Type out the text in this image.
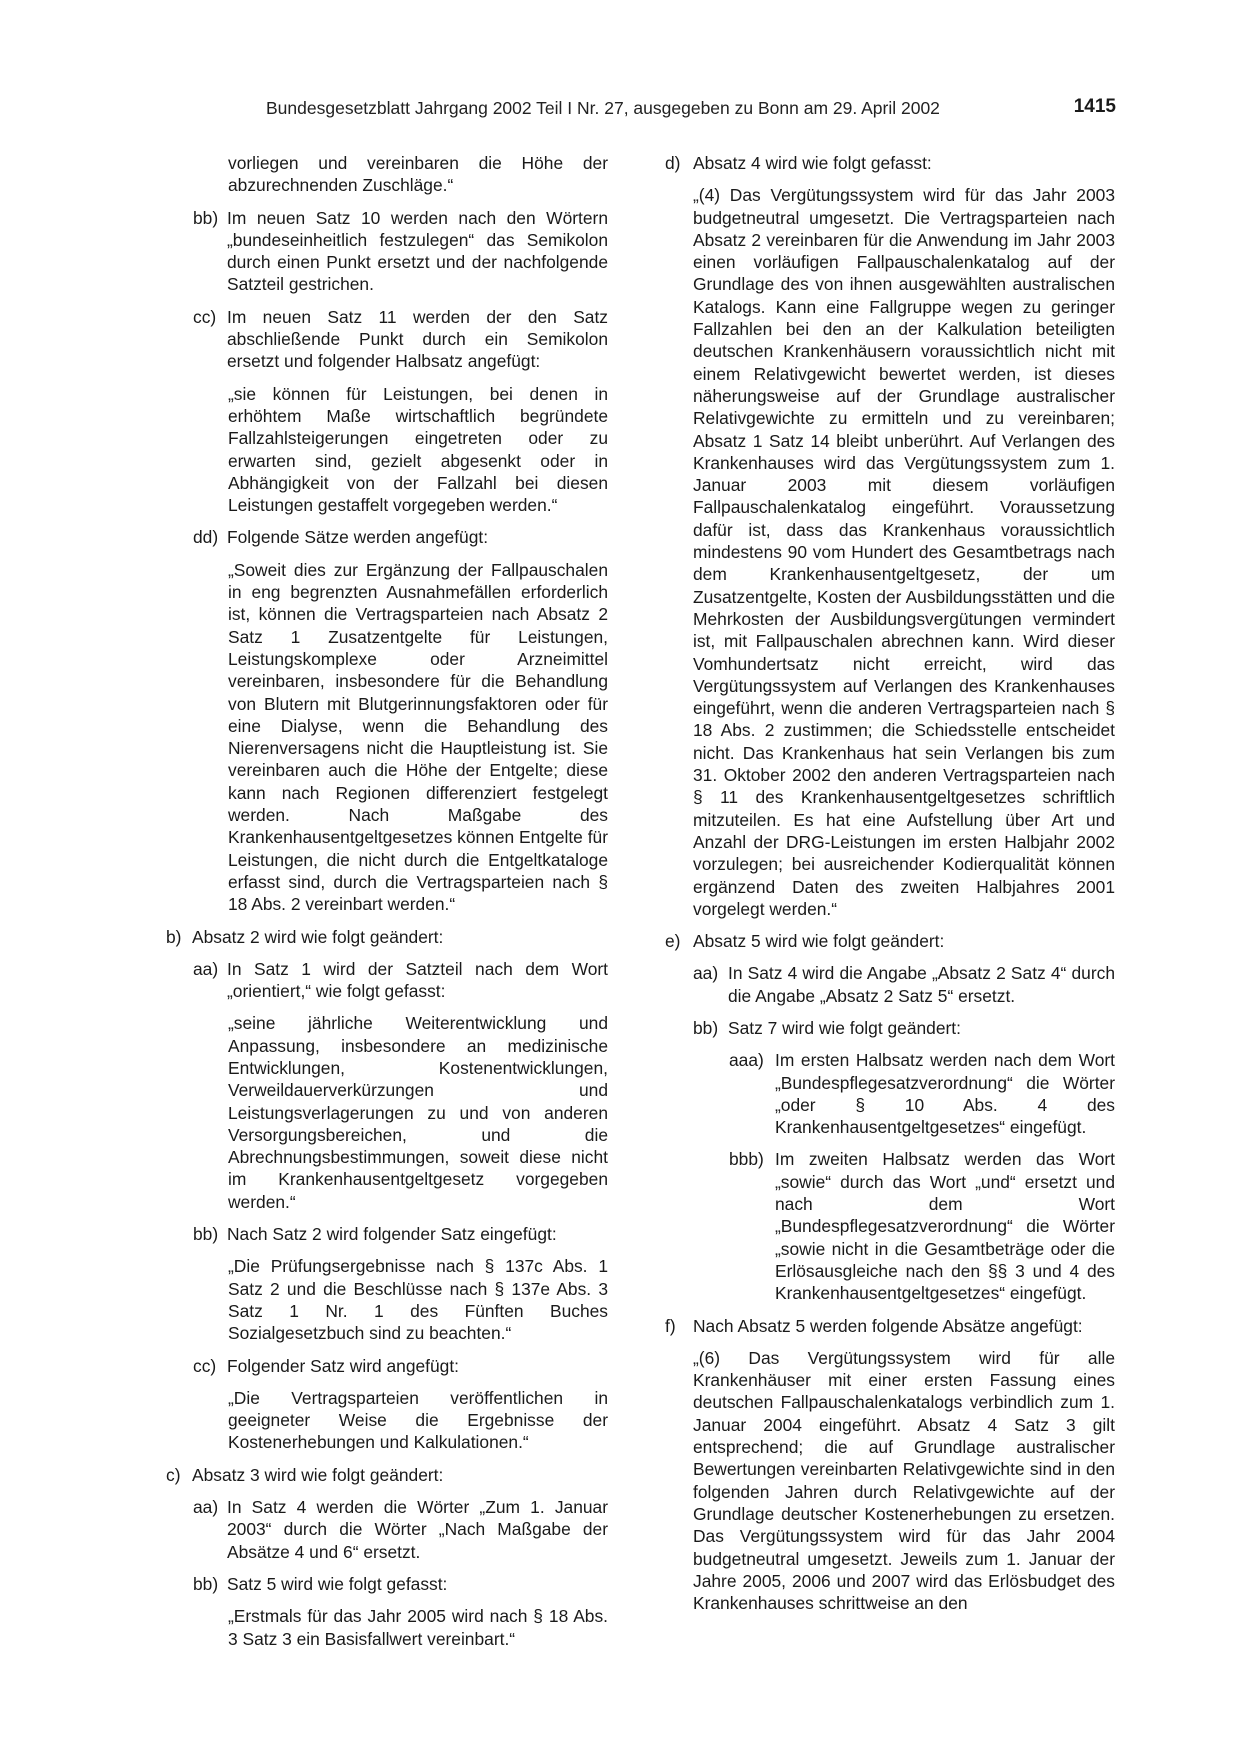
Bundesgesetzblatt Jahrgang 2002 Teil I Nr. 27, ausgegeben zu Bonn am 29. April 2002	1415
vorliegen und vereinbaren die Höhe der abzurechnenden Zuschläge.“
bb) Im neuen Satz 10 werden nach den Wörtern „bundeseinheitlich festzulegen“ das Semikolon durch einen Punkt ersetzt und der nachfolgende Satzteil gestrichen.
cc) Im neuen Satz 11 werden der den Satz abschließende Punkt durch ein Semikolon ersetzt und folgender Halbsatz angefügt:
„sie können für Leistungen, bei denen in erhöhtem Maße wirtschaftlich begründete Fallzahlsteigerungen eingetreten oder zu erwarten sind, gezielt abgesenkt oder in Abhängigkeit von der Fallzahl bei diesen Leistungen gestaffelt vorgegeben werden.“
dd) Folgende Sätze werden angefügt:
„Soweit dies zur Ergänzung der Fallpauschalen in eng begrenzten Ausnahmefällen erforderlich ist, können die Vertragsparteien nach Absatz 2 Satz 1 Zusatzentgelte für Leistungen, Leistungskomplexe oder Arzneimittel vereinbaren, insbesondere für die Behandlung von Blutern mit Blutgerinnungsfaktoren oder für eine Dialyse, wenn die Behandlung des Nierenversagens nicht die Hauptleistung ist. Sie vereinbaren auch die Höhe der Entgelte; diese kann nach Regionen differenziert festgelegt werden. Nach Maßgabe des Krankenhausentgeltgesetzes können Entgelte für Leistungen, die nicht durch die Entgeltkataloge erfasst sind, durch die Vertragsparteien nach § 18 Abs. 2 vereinbart werden.“
b) Absatz 2 wird wie folgt geändert:
aa) In Satz 1 wird der Satzteil nach dem Wort „orientiert,“ wie folgt gefasst:
„seine jährliche Weiterentwicklung und Anpassung, insbesondere an medizinische Entwicklungen, Kostenentwicklungen, Verweildauerverkürzungen und Leistungsverlagerungen zu und von anderen Versorgungsbereichen, und die Abrechnungsbestimmungen, soweit diese nicht im Krankenhausentgeltgesetz vorgegeben werden.“
bb) Nach Satz 2 wird folgender Satz eingefügt:
„Die Prüfungsergebnisse nach § 137c Abs. 1 Satz 2 und die Beschlüsse nach § 137e Abs. 3 Satz 1 Nr. 1 des Fünften Buches Sozialgesetzbuch sind zu beachten.“
cc) Folgender Satz wird angefügt:
„Die Vertragsparteien veröffentlichen in geeigneter Weise die Ergebnisse der Kostenerhebungen und Kalkulationen.“
c) Absatz 3 wird wie folgt geändert:
aa) In Satz 4 werden die Wörter „Zum 1. Januar 2003“ durch die Wörter „Nach Maßgabe der Absätze 4 und 6“ ersetzt.
bb) Satz 5 wird wie folgt gefasst:
„Erstmals für das Jahr 2005 wird nach § 18 Abs. 3 Satz 3 ein Basisfallwert vereinbart.“
d) Absatz 4 wird wie folgt gefasst:
„(4) Das Vergütungssystem wird für das Jahr 2003 budgetneutral umgesetzt. Die Vertragsparteien nach Absatz 2 vereinbaren für die Anwendung im Jahr 2003 einen vorläufigen Fallpauschalenkatalog auf der Grundlage des von ihnen ausgewählten australischen Katalogs. Kann eine Fallgruppe wegen zu geringer Fallzahlen bei den an der Kalkulation beteiligten deutschen Krankenhäusern voraussichtlich nicht mit einem Relativgewicht bewertet werden, ist dieses näherungsweise auf der Grundlage australischer Relativgewichte zu ermitteln und zu vereinbaren; Absatz 1 Satz 14 bleibt unberührt. Auf Verlangen des Krankenhauses wird das Vergütungssystem zum 1. Januar 2003 mit diesem vorläufigen Fallpauschalenkatalog eingeführt. Voraussetzung dafür ist, dass das Krankenhaus voraussichtlich mindestens 90 vom Hundert des Gesamtbetrags nach dem Krankenhausentgeltgesetz, der um Zusatzentgelte, Kosten der Ausbildungsstätten und die Mehrkosten der Ausbildungsvergütungen vermindert ist, mit Fallpauschalen abrechnen kann. Wird dieser Vomhundertsatz nicht erreicht, wird das Vergütungssystem auf Verlangen des Krankenhauses eingeführt, wenn die anderen Vertragsparteien nach § 18 Abs. 2 zustimmen; die Schiedsstelle entscheidet nicht. Das Krankenhaus hat sein Verlangen bis zum 31. Oktober 2002 den anderen Vertragsparteien nach § 11 des Krankenhausentgeltgesetzes schriftlich mitzuteilen. Es hat eine Aufstellung über Art und Anzahl der DRG-Leistungen im ersten Halbjahr 2002 vorzulegen; bei ausreichender Kodierqualität können ergänzend Daten des zweiten Halbjahres 2001 vorgelegt werden.“
e) Absatz 5 wird wie folgt geändert:
aa) In Satz 4 wird die Angabe „Absatz 2 Satz 4“ durch die Angabe „Absatz 2 Satz 5“ ersetzt.
bb) Satz 7 wird wie folgt geändert:
aaa) Im ersten Halbsatz werden nach dem Wort „Bundespflegesatzverordnung“ die Wörter „oder § 10 Abs. 4 des Krankenhausentgeltgesetzes“ eingefügt.
bbb) Im zweiten Halbsatz werden das Wort „sowie“ durch das Wort „und“ ersetzt und nach dem Wort „Bundespflegesatzverordnung“ die Wörter „sowie nicht in die Gesamtbeträge oder die Erlösausgleiche nach den §§ 3 und 4 des Krankenhausentgeltgesetzes“ eingefügt.
f) Nach Absatz 5 werden folgende Absätze angefügt:
„(6) Das Vergütungssystem wird für alle Krankenhäuser mit einer ersten Fassung eines deutschen Fallpauschalenkatalogs verbindlich zum 1. Januar 2004 eingeführt. Absatz 4 Satz 3 gilt entsprechend; die auf Grundlage australischer Bewertungen vereinbarten Relativgewichte sind in den folgenden Jahren durch Relativgewichte auf der Grundlage deutscher Kostenerhebungen zu ersetzen. Das Vergütungssystem wird für das Jahr 2004 budgetneutral umgesetzt. Jeweils zum 1. Januar der Jahre 2005, 2006 und 2007 wird das Erlösbudget des Krankenhauses schrittweise an den
